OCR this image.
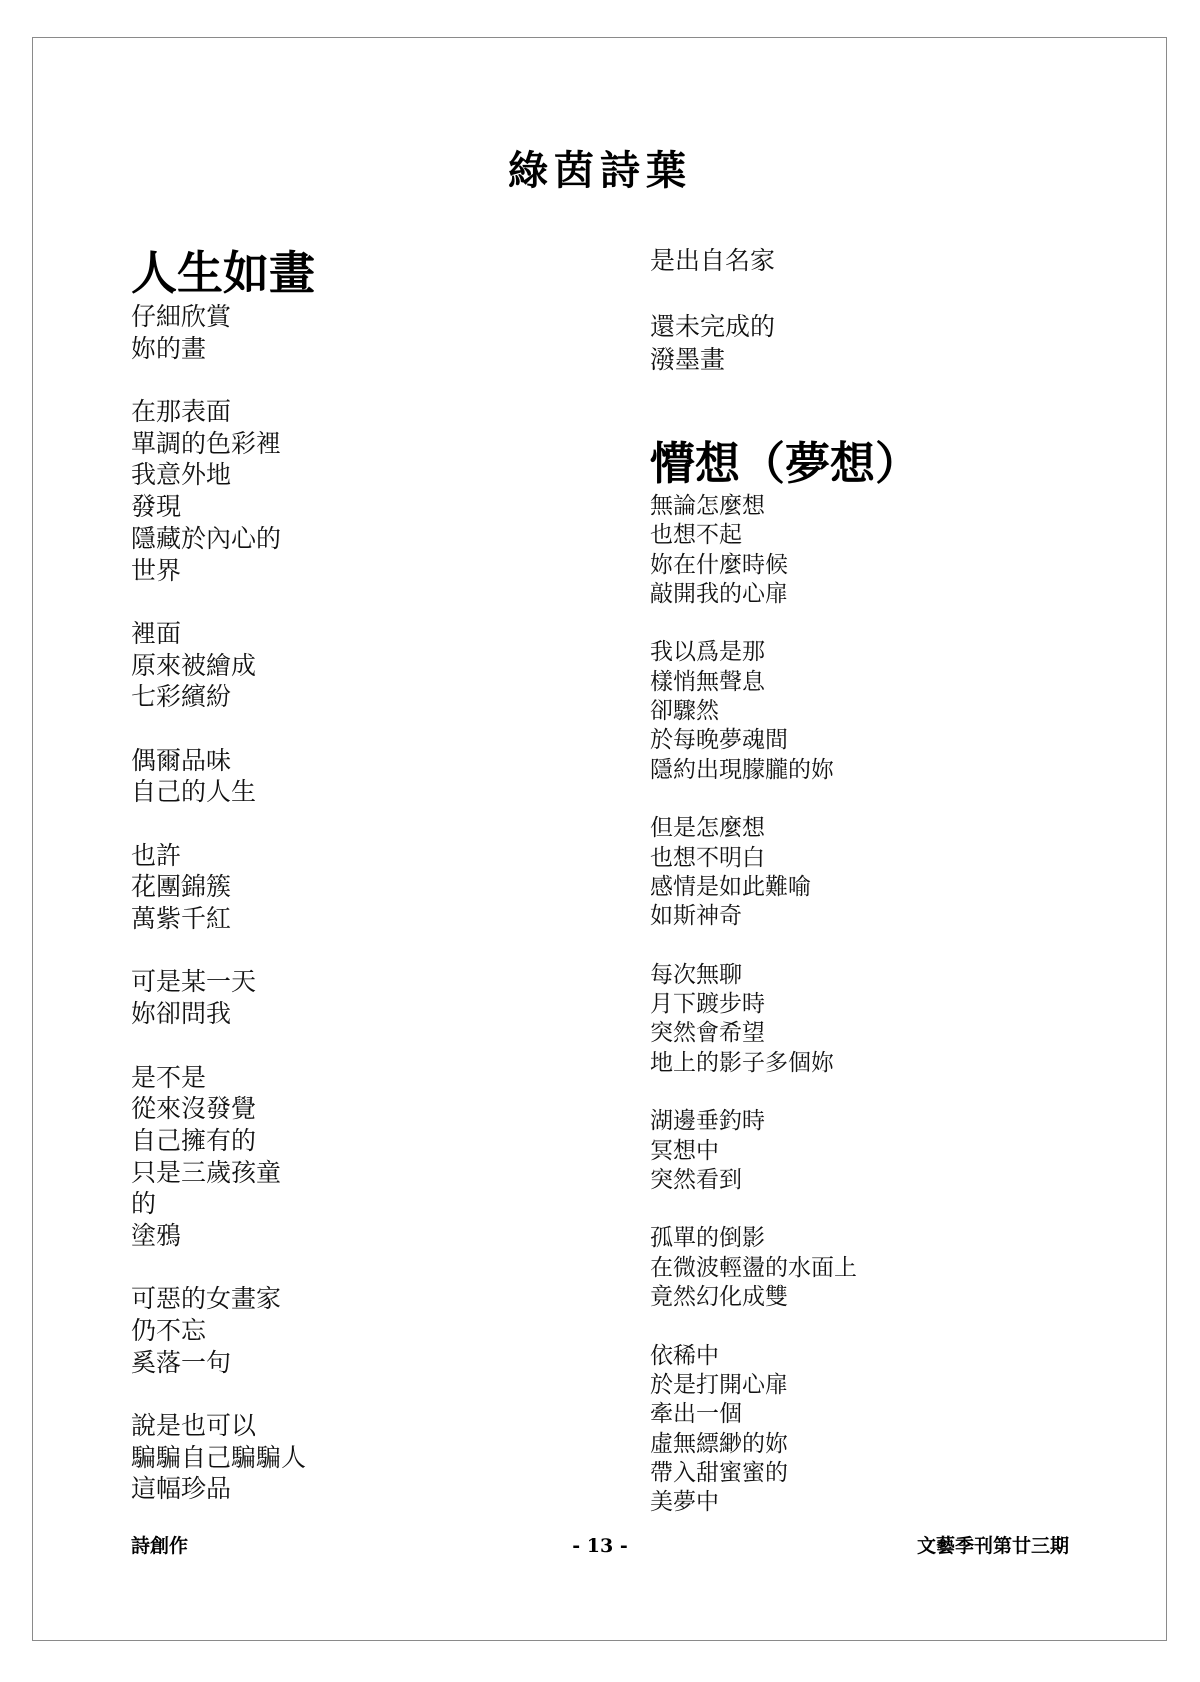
綠茵詩葉
人生如畫
仔細欣賞
妳的畫
在那表面
單調的色彩裡
我意外地
發現
隱藏於內心的
世界
裡面
原來被繪成
七彩繽紛
偶爾品味
自己的人生
也許
花團錦簇
萬紫千紅
可是某一天
妳卻問我
是不是
從來沒發覺
自己擁有的
只是三歲孩童
的
塗鴉
可惡的女畫家
仍不忘
奚落一句
說是也可以
騙騙自己騙騙人
這幅珍品
是出自名家
還未完成的
潑墨畫
懵想（夢想）
無論怎麼想
也想不起
妳在什麼時候
敲開我的心扉
我以爲是那
樣悄無聲息
卻驟然
於每晚夢魂間
隱約出現朦朧的妳
但是怎麼想
也想不明白
感情是如此難喻
如斯神奇
每次無聊
月下踱步時
突然會希望
地上的影子多個妳
湖邊垂釣時
冥想中
突然看到
孤單的倒影
在微波輕盪的水面上
竟然幻化成雙
依稀中
於是打開心扉
牽出一個
虛無縹緲的妳
帶入甜蜜蜜的
美夢中
詩創作	- 13 -	文藝季刊第廿三期
